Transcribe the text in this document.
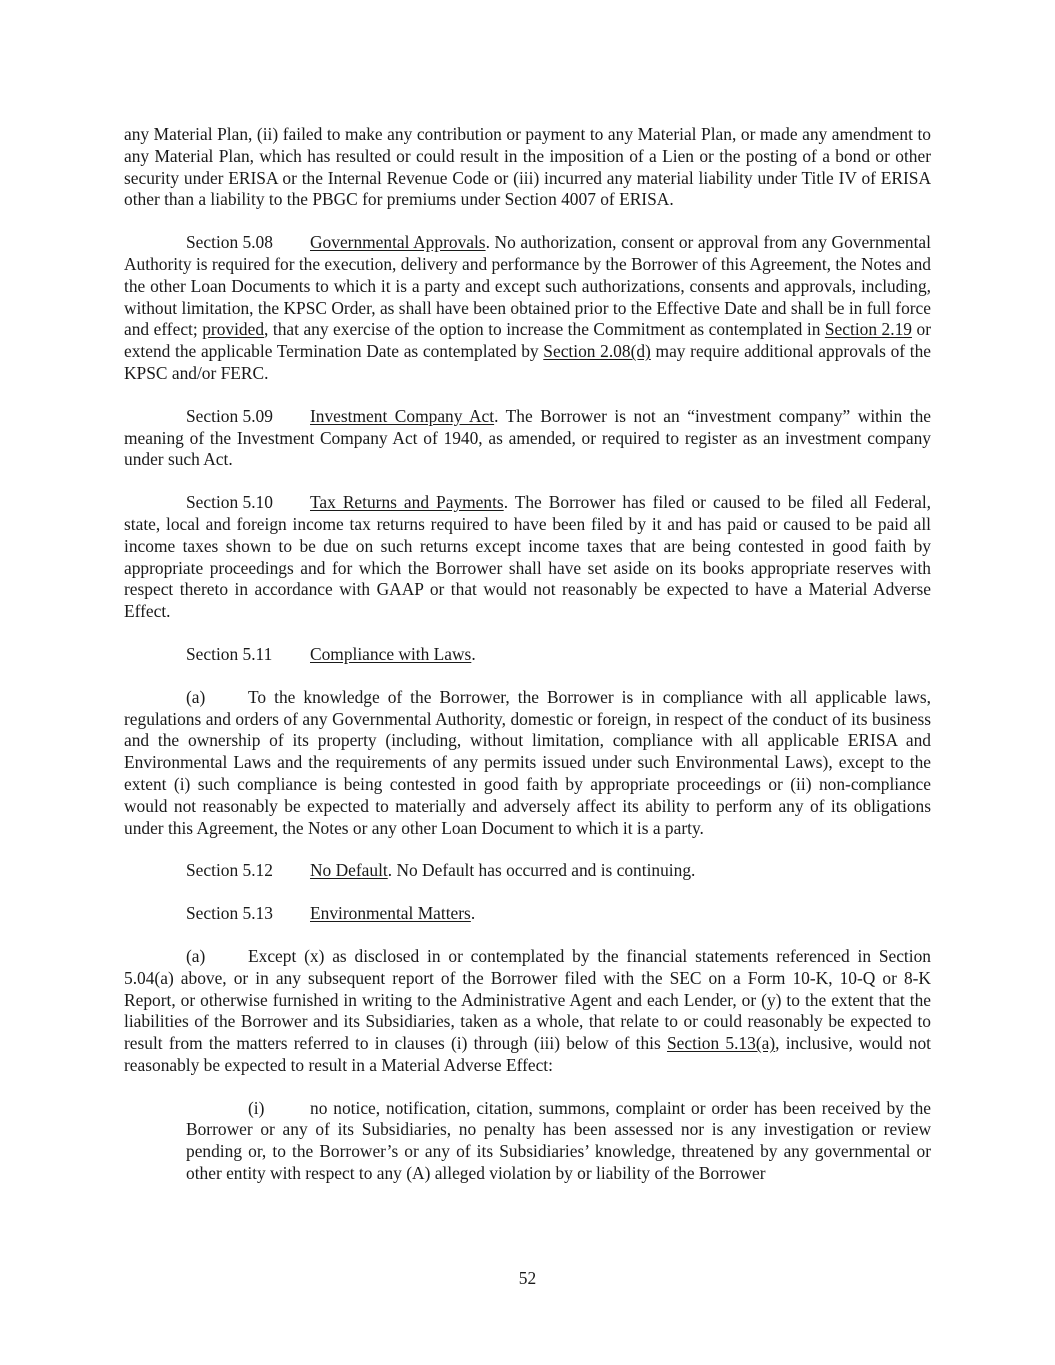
any Material Plan, (ii) failed to make any contribution or payment to any Material Plan, or made any amendment to any Material Plan, which has resulted or could result in the imposition of a Lien or the posting of a bond or other security under ERISA or the Internal Revenue Code or (iii) incurred any material liability under Title IV of ERISA other than a liability to the PBGC for premiums under Section 4007 of ERISA.

Section 5.08 Governmental Approvals. No authorization, consent or approval from any Governmental Authority is required for the execution, delivery and performance by the Borrower of this Agreement, the Notes and the other Loan Documents to which it is a party and except such authorizations, consents and approvals, including, without limitation, the KPSC Order, as shall have been obtained prior to the Effective Date and shall be in full force and effect; provided, that any exercise of the option to increase the Commitment as contemplated in Section 2.19 or extend the applicable Termination Date as contemplated by Section 2.08(d) may require additional approvals of the KPSC and/or FERC.

Section 5.09 Investment Company Act. The Borrower is not an “investment company” within the meaning of the Investment Company Act of 1940, as amended, or required to register as an investment company under such Act.

Section 5.10 Tax Returns and Payments. The Borrower has filed or caused to be filed all Federal, state, local and foreign income tax returns required to have been filed by it and has paid or caused to be paid all income taxes shown to be due on such returns except income taxes that are being contested in good faith by appropriate proceedings and for which the Borrower shall have set aside on its books appropriate reserves with respect thereto in accordance with GAAP or that would not reasonably be expected to have a Material Adverse Effect.

Section 5.11 Compliance with Laws.

(a) To the knowledge of the Borrower, the Borrower is in compliance with all applicable laws, regulations and orders of any Governmental Authority, domestic or foreign, in respect of the conduct of its business and the ownership of its property (including, without limitation, compliance with all applicable ERISA and Environmental Laws and the requirements of any permits issued under such Environmental Laws), except to the extent (i) such compliance is being contested in good faith by appropriate proceedings or (ii) non-compliance would not reasonably be expected to materially and adversely affect its ability to perform any of its obligations under this Agreement, the Notes or any other Loan Document to which it is a party.

Section 5.12 No Default. No Default has occurred and is continuing.

Section 5.13 Environmental Matters.

(a) Except (x) as disclosed in or contemplated by the financial statements referenced in Section 5.04(a) above, or in any subsequent report of the Borrower filed with the SEC on a Form 10-K, 10-Q or 8-K Report, or otherwise furnished in writing to the Administrative Agent and each Lender, or (y) to the extent that the liabilities of the Borrower and its Subsidiaries, taken as a whole, that relate to or could reasonably be expected to result from the matters referred to in clauses (i) through (iii) below of this Section 5.13(a), inclusive, would not reasonably be expected to result in a Material Adverse Effect:

(i)	no notice, notification, citation, summons, complaint or order has been received by the Borrower or any of its Subsidiaries, no penalty has been assessed nor is any investigation or review pending or, to the Borrower’s or any of its Subsidiaries’ knowledge, threatened by any governmental or other entity with respect to any (A) alleged violation by or liability of the Borrower

52
